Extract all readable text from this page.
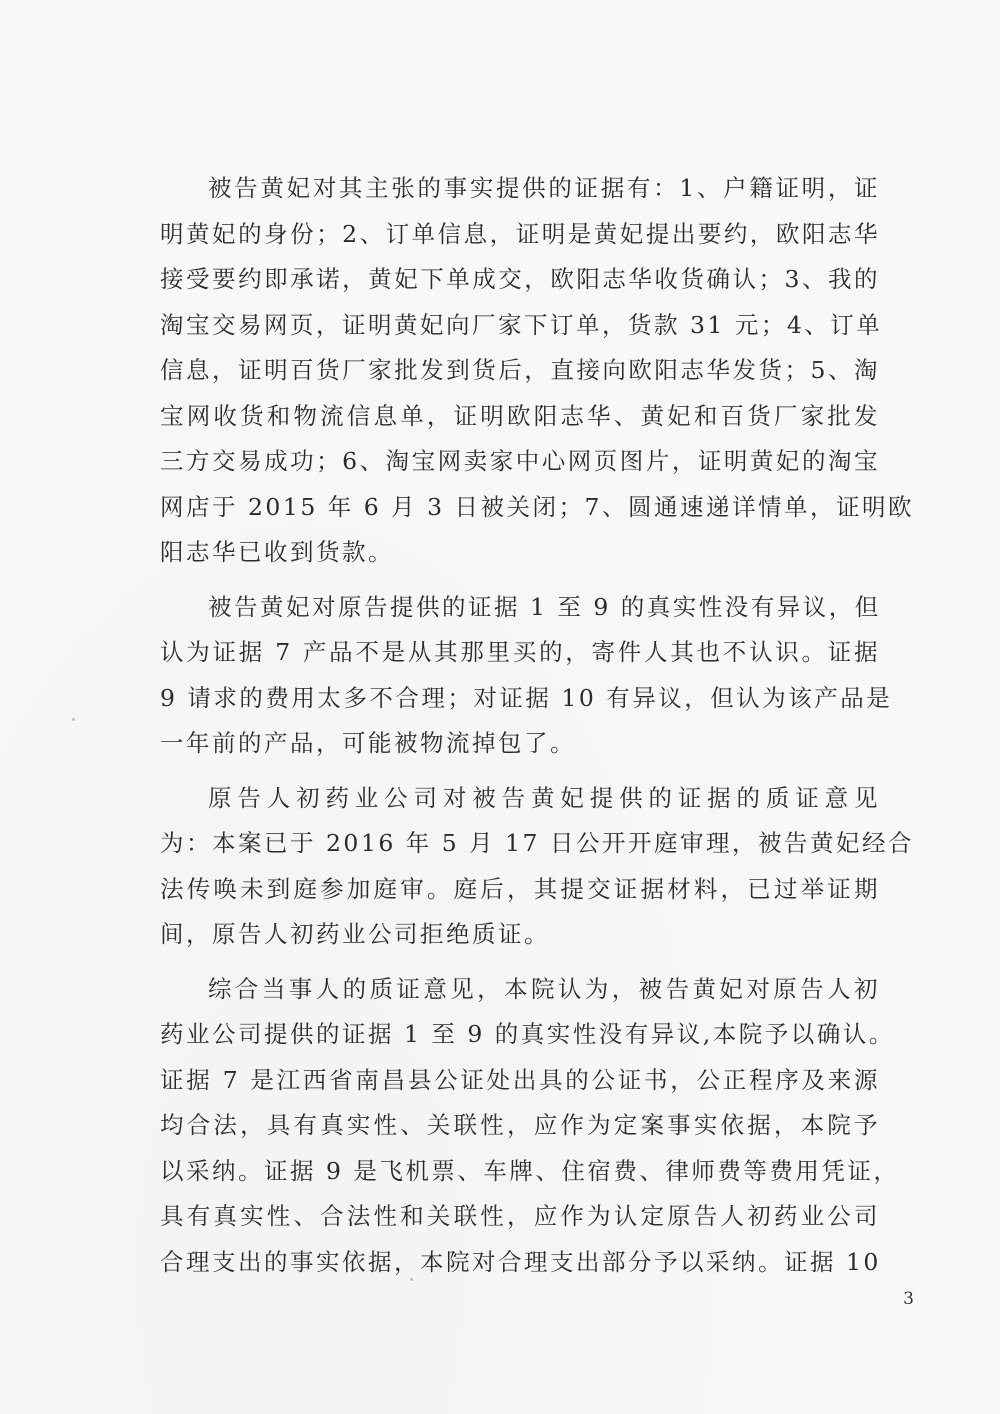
被告黄妃对其主张的事实提供的证据有：1、户籍证明，证
明黄妃的身份；2、订单信息，证明是黄妃提出要约，欧阳志华
接受要约即承诺，黄妃下单成交，欧阳志华收货确认；3、我的
淘宝交易网页，证明黄妃向厂家下订单，货款 31 元；4、订单
信息，证明百货厂家批发到货后，直接向欧阳志华发货；5、淘
宝网收货和物流信息单，证明欧阳志华、黄妃和百货厂家批发
三方交易成功；6、淘宝网卖家中心网页图片，证明黄妃的淘宝
网店于 2015 年 6 月 3 日被关闭；7、圆通速递详情单，证明欧
阳志华已收到货款。
被告黄妃对原告提供的证据 1 至 9 的真实性没有异议，但
认为证据 7 产品不是从其那里买的，寄件人其也不认识。证据
9 请求的费用太多不合理；对证据 10 有异议，但认为该产品是
一年前的产品，可能被物流掉包了。
原告人初药业公司对被告黄妃提供的证据的质证意见
为：本案已于 2016 年 5 月 17 日公开开庭审理，被告黄妃经合
法传唤未到庭参加庭审。庭后，其提交证据材料，已过举证期
间，原告人初药业公司拒绝质证。
综合当事人的质证意见，本院认为，被告黄妃对原告人初
药业公司提供的证据 1 至 9 的真实性没有异议,本院予以确认。
证据 7 是江西省南昌县公证处出具的公证书，公正程序及来源
均合法，具有真实性、关联性，应作为定案事实依据，本院予
以采纳。证据 9 是飞机票、车牌、住宿费、律师费等费用凭证，
具有真实性、合法性和关联性，应作为认定原告人初药业公司
合理支出的事实依据，本院对合理支出部分予以采纳。证据 10
3
